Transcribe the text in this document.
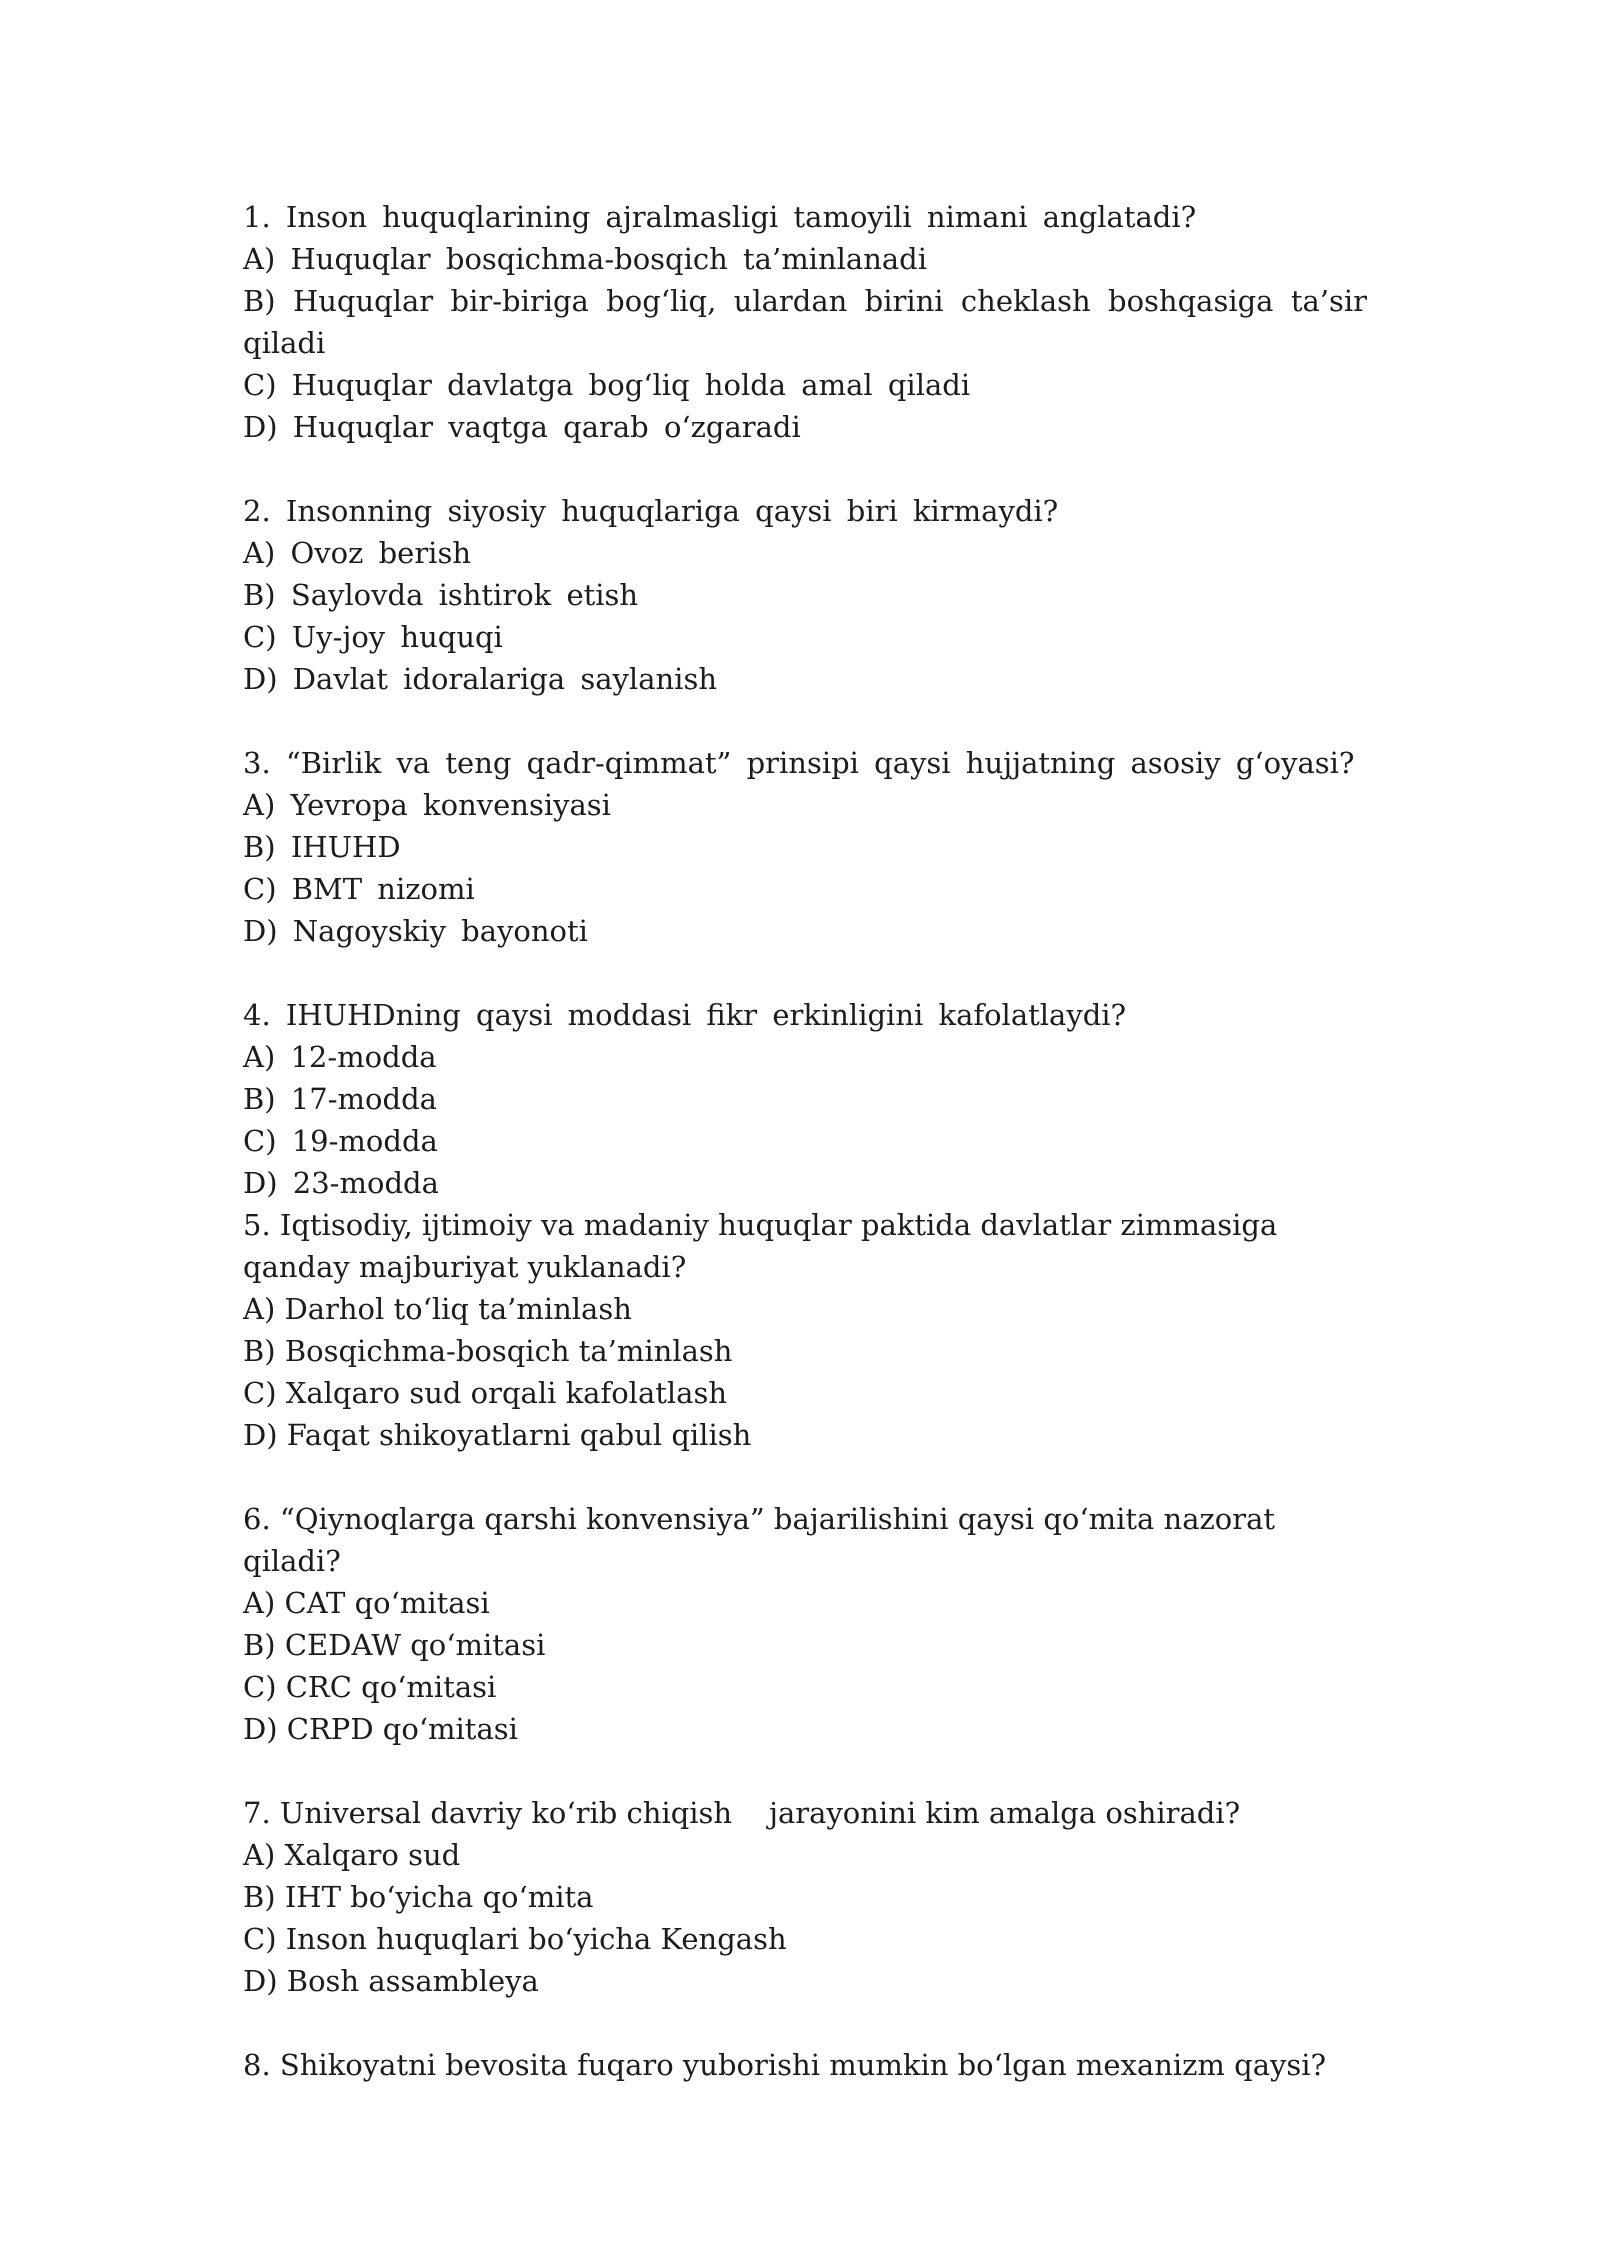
1. Inson huquqlarining ajralmasligi tamoyili nimani anglatadi?

A) Huquqlar bosqichma-bosqich ta’minlanadi

B) Huquqlar bir-biriga bog‘liq, ulardan birini cheklash boshqasiga ta’sir qiladi

C) Huquqlar davlatga bog‘liq holda amal qiladi

D) Huquqlar vaqtga qarab o‘zgaradi

2. Insonning siyosiy huquqlariga qaysi biri kirmaydi?

A) Ovoz berish

B) Saylovda ishtirok etish

C) Uy-joy huquqi

D) Davlat idoralariga saylanish

3. “Birlik va teng qadr-qimmat” prinsipi qaysi hujjatning asosiy g‘oyasi?

A) Yevropa konvensiyasi

B) IHUHD

C) BMT nizomi

D) Nagoyskiy bayonoti

4. IHUHDning qaysi moddasi fikr erkinligini kafolatlaydi?

A) 12-modda

B) 17-modda

C) 19-modda

D) 23-modda

5. Iqtisodiy, ijtimoiy va madaniy huquqlar paktida davlatlar zimmasiga qanday majburiyat yuklanadi?

A) Darhol to‘liq ta’minlash

B) Bosqichma-bosqich ta’minlash

C) Xalqaro sud orqali kafolatlash

D) Faqat shikoyatlarni qabul qilish

6. “Qiynoqlarga qarshi konvensiya” bajarilishini qaysi qo‘mita nazorat qiladi?

A) CAT qo‘mitasi

B) CEDAW qo‘mitasi

C) CRC qo‘mitasi

D) CRPD qo‘mitasi

7. Universal davriy ko‘rib chiqish    jarayonini kim amalga oshiradi?

A) Xalqaro sud

B) IHT bo‘yicha qo‘mita

C) Inson huquqlari bo‘yicha Kengash

D) Bosh assambleya

8. Shikoyatni bevosita fuqaro yuborishi mumkin bo‘lgan mexanizm qaysi?
